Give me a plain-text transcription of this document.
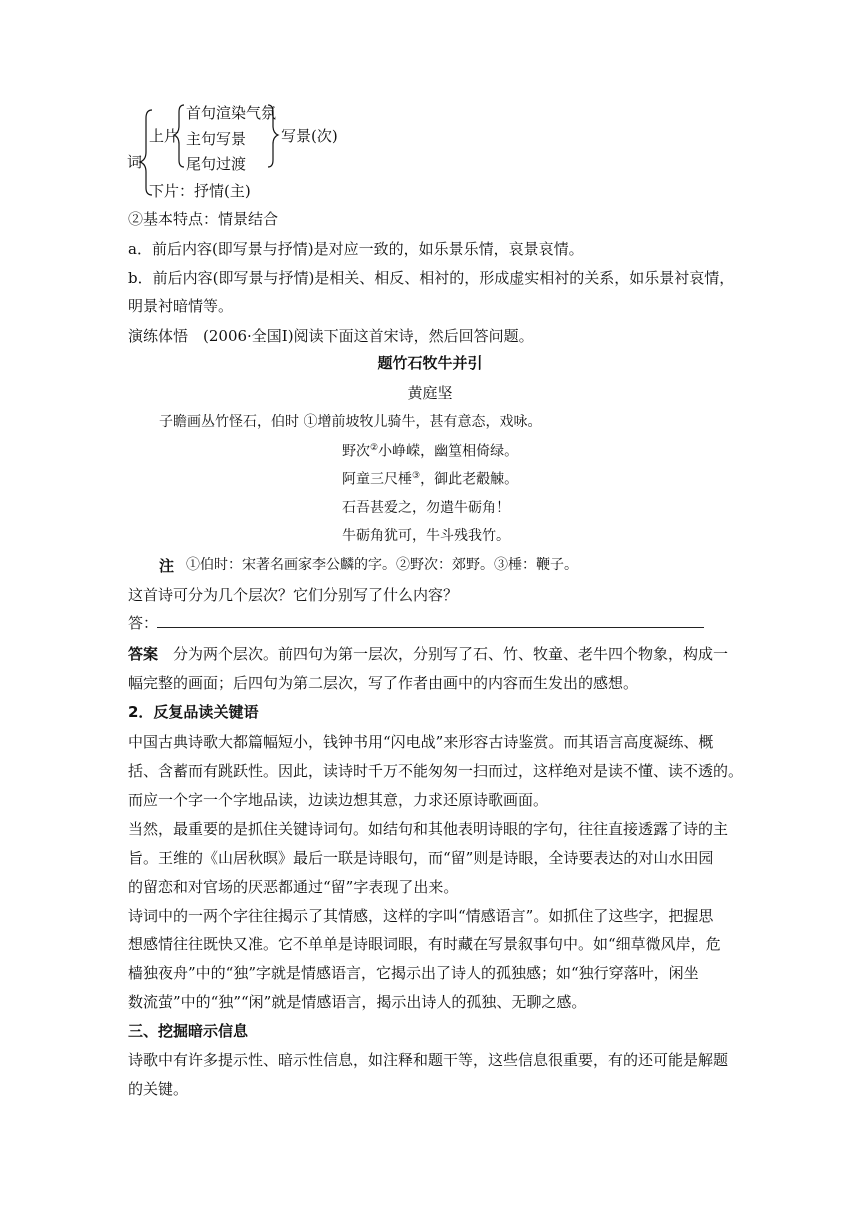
词
上片
首句渲染气氛
主句写景
尾句过渡
写景(次)
下片：抒情(主)
②基本特点：情景结合
a．前后内容(即写景与抒情)是对应一致的，如乐景乐情，哀景哀情。
b．前后内容(即写景与抒情)是相关、相反、相衬的，形成虚实相衬的关系，如乐景衬哀情，
明景衬暗情等。
演练体悟 (2006·全国Ⅰ)阅读下面这首宋诗，然后回答问题。
题竹石牧牛并引
黄庭坚
子瞻画丛竹怪石，伯时 ①增前坡牧儿骑牛，甚有意态，戏咏。
野次②小峥嵘，幽篁相倚绿。
阿童三尺棰③，御此老觳觫。
石吾甚爱之，勿遣牛砺角！
牛砺角犹可，牛斗残我竹。
注 ①伯时：宋著名画家李公麟的字。②野次：郊野。③棰：鞭子。
这首诗可分为几个层次？它们分别写了什么内容？
答：
答案 分为两个层次。前四句为第一层次，分别写了石、竹、牧童、老牛四个物象，构成一
幅完整的画面；后四句为第二层次，写了作者由画中的内容而生发出的感想。
2．反复品读关键语
中国古典诗歌大都篇幅短小，钱钟书用“闪电战”来形容古诗鉴赏。而其语言高度凝练、概
括、含蓄而有跳跃性。因此，读诗时千万不能匆匆一扫而过，这样绝对是读不懂、读不透的。
而应一个字一个字地品读，边读边想其意，力求还原诗歌画面。
当然，最重要的是抓住关键诗词句。如结句和其他表明诗眼的字句，往往直接透露了诗的主
旨。王维的《山居秋暝》最后一联是诗眼句，而“留”则是诗眼，全诗要表达的对山水田园
的留恋和对官场的厌恶都通过“留”字表现了出来。
诗词中的一两个字往往揭示了其情感，这样的字叫“情感语言”。如抓住了这些字，把握思
想感情往往既快又准。它不单单是诗眼词眼，有时藏在写景叙事句中。如“细草微风岸，危
樯独夜舟”中的“独”字就是情感语言，它揭示出了诗人的孤独感；如“独行穿落叶，闲坐
数流萤”中的“独”“闲”就是情感语言，揭示出诗人的孤独、无聊之感。
三、挖掘暗示信息
诗歌中有许多提示性、暗示性信息，如注释和题干等，这些信息很重要，有的还可能是解题
的关键。
